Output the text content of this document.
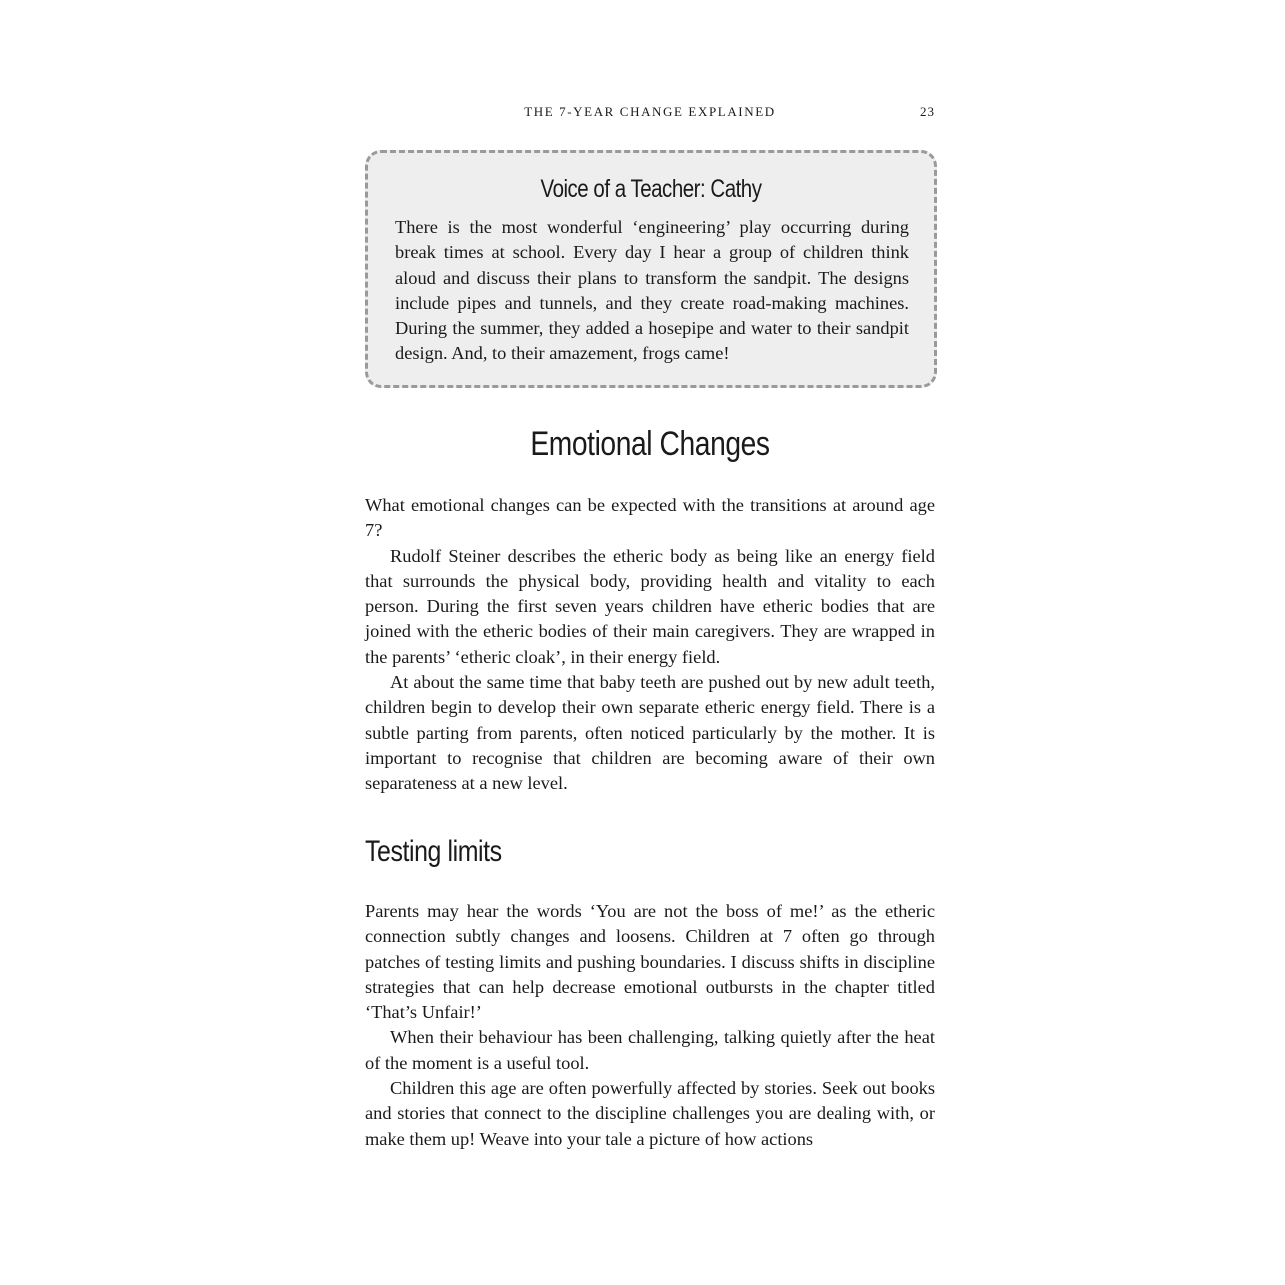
THE 7-YEAR CHANGE EXPLAINED	23
Voice of a Teacher: Cathy
There is the most wonderful ‘engineering’ play occurring during break times at school. Every day I hear a group of children think aloud and discuss their plans to transform the sandpit. The designs include pipes and tunnels, and they create road-making machines. During the summer, they added a hosepipe and water to their sandpit design. And, to their amazement, frogs came!
Emotional Changes

What emotional changes can be expected with the transitions at around age 7?

Rudolf Steiner describes the etheric body as being like an energy field that surrounds the physical body, providing health and vitality to each person. During the first seven years children have etheric bodies that are joined with the etheric bodies of their main caregivers. They are wrapped in the parents’ ‘etheric cloak’, in their energy field.

At about the same time that baby teeth are pushed out by new adult teeth, children begin to develop their own separate etheric energy field. There is a subtle parting from parents, often noticed particularly by the mother. It is important to recognise that children are becoming aware of their own separateness at a new level.

Testing limits

Parents may hear the words ‘You are not the boss of me!’ as the etheric connection subtly changes and loosens. Children at 7 often go through patches of testing limits and pushing boundaries. I discuss shifts in discipline strategies that can help decrease emotional outbursts in the chapter titled ‘That’s Unfair!’

When their behaviour has been challenging, talking quietly after the heat of the moment is a useful tool.

Children this age are often powerfully affected by stories. Seek out books and stories that connect to the discipline challenges you are dealing with, or make them up! Weave into your tale a picture of how actions
